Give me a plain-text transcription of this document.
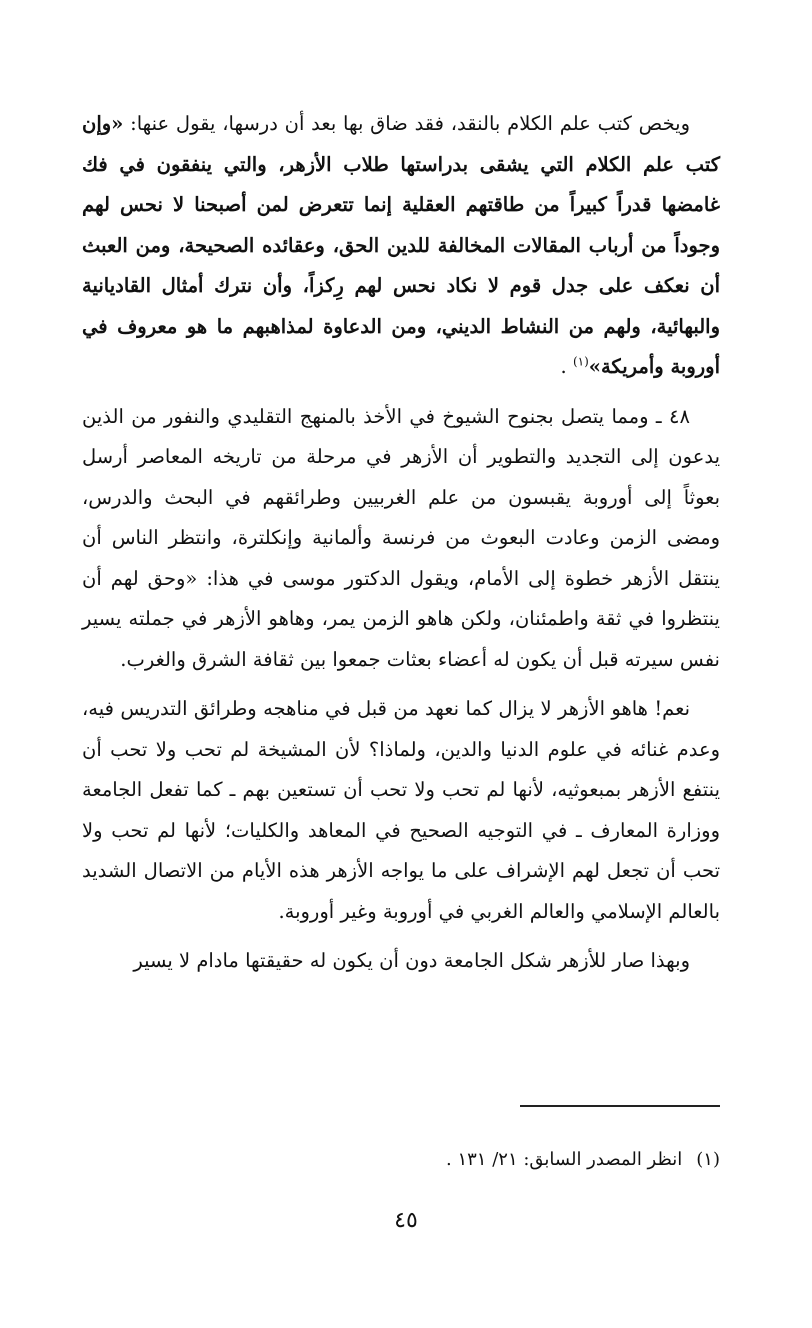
ويخص كتب علم الكلام بالنقد، فقد ضاق بها بعد أن درسها، يقول عنها: «وإن كتب علم الكلام التي يشقى بدراستها طلاب الأزهر، والتي ينفقون في فك غامضها قدراً كبيراً من طاقتهم العقلية إنما تتعرض لمن أصبحنا لا نحس لهم وجوداً من أرباب المقالات المخالفة للدين الحق، وعقائده الصحيحة، ومن العبث أن نعكف على جدل قوم لا نكاد نحس لهم رِكزاً، وأن نترك أمثال القاديانية والبهائية، ولهم من النشاط الديني، ومن الدعاوة لمذاهبهم ما هو معروف في أوروبة وأمريكة»$^{(١)}$ .

٤٨ ـ ومما يتصل بجنوح الشيوخ في الأخذ بالمنهج التقليدي والنفور من الذين يدعون إلى التجديد والتطوير أن الأزهر في مرحلة من تاريخه المعاصر أرسل بعوثاً إلى أوروبة يقبسون من علم الغربيين وطرائقهم في البحث والدرس، ومضى الزمن وعادت البعوث من فرنسة وألمانية وإنكلترة، وانتظر الناس أن ينتقل الأزهر خطوة إلى الأمام، ويقول الدكتور موسى في هذا: «وحق لهم أن ينتظروا في ثقة واطمئنان، ولكن هاهو الزمن يمر، وهاهو الأزهر في جملته يسير نفس سيرته قبل أن يكون له أعضاء بعثات جمعوا بين ثقافة الشرق والغرب.

نعم! هاهو الأزهر لا يزال كما نعهد من قبل في مناهجه وطرائق التدريس فيه، وعدم غنائه في علوم الدنيا والدين، ولماذا؟ لأن المشيخة لم تحب ولا تحب أن ينتفع الأزهر بمبعوثيه، لأنها لم تحب ولا تحب أن تستعين بهم ـ كما تفعل الجامعة ووزارة المعارف ـ في التوجيه الصحيح في المعاهد والكليات؛ لأنها لم تحب ولا تحب أن تجعل لهم الإشراف على ما يواجه الأزهر هذه الأيام من الاتصال الشديد بالعالم الإسلامي والعالم الغربي في أوروبة وغير أوروبة.

وبهذا صار للأزهر شكل الجامعة دون أن يكون له حقيقتها مادام لا يسير

(١)انظر المصدر السابق: ٢١/ ١٣١ .
٤٥
